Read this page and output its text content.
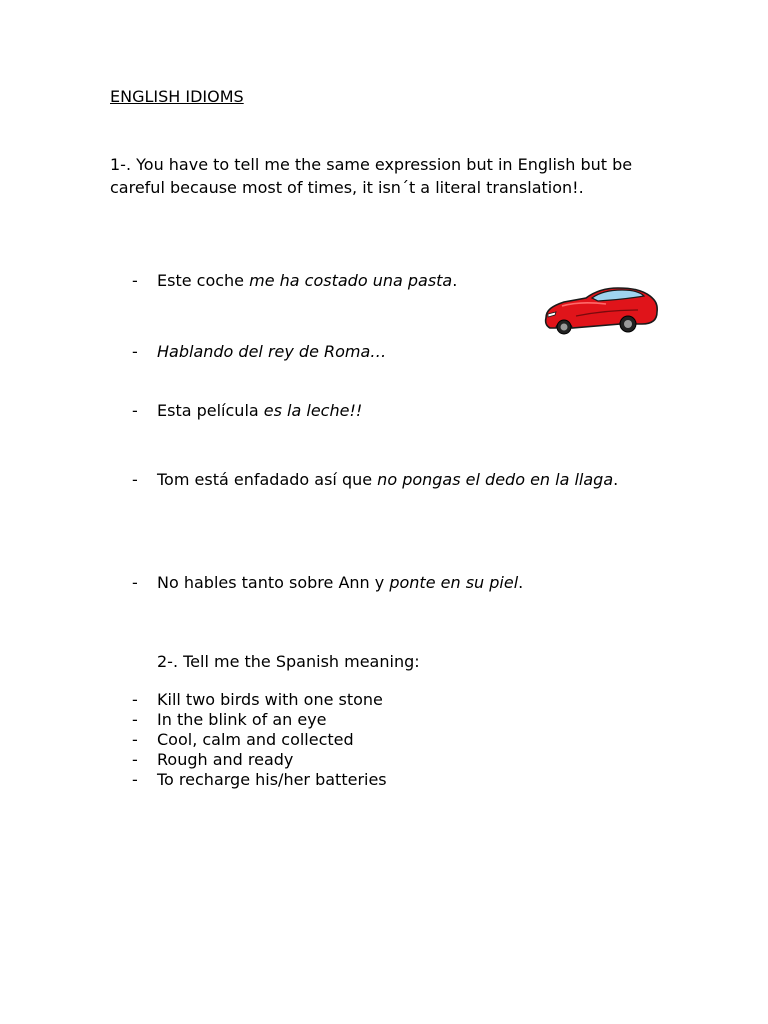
ENGLISH IDIOMS
1-. You have to tell me the same expression but in English but be careful because most of times, it isn´t a literal translation!.
- Este coche me ha costado una pasta.
- Hablando del rey de Roma…
- Esta película es la leche!!
- Tom está enfadado así que no pongas el dedo en la llaga.
- No hables tanto sobre Ann y ponte en su piel.
2-. Tell me the Spanish meaning:
- Kill two birds with one stone
- In the blink of an eye
- Cool, calm and collected
- Rough and ready
- To recharge his/her batteries
